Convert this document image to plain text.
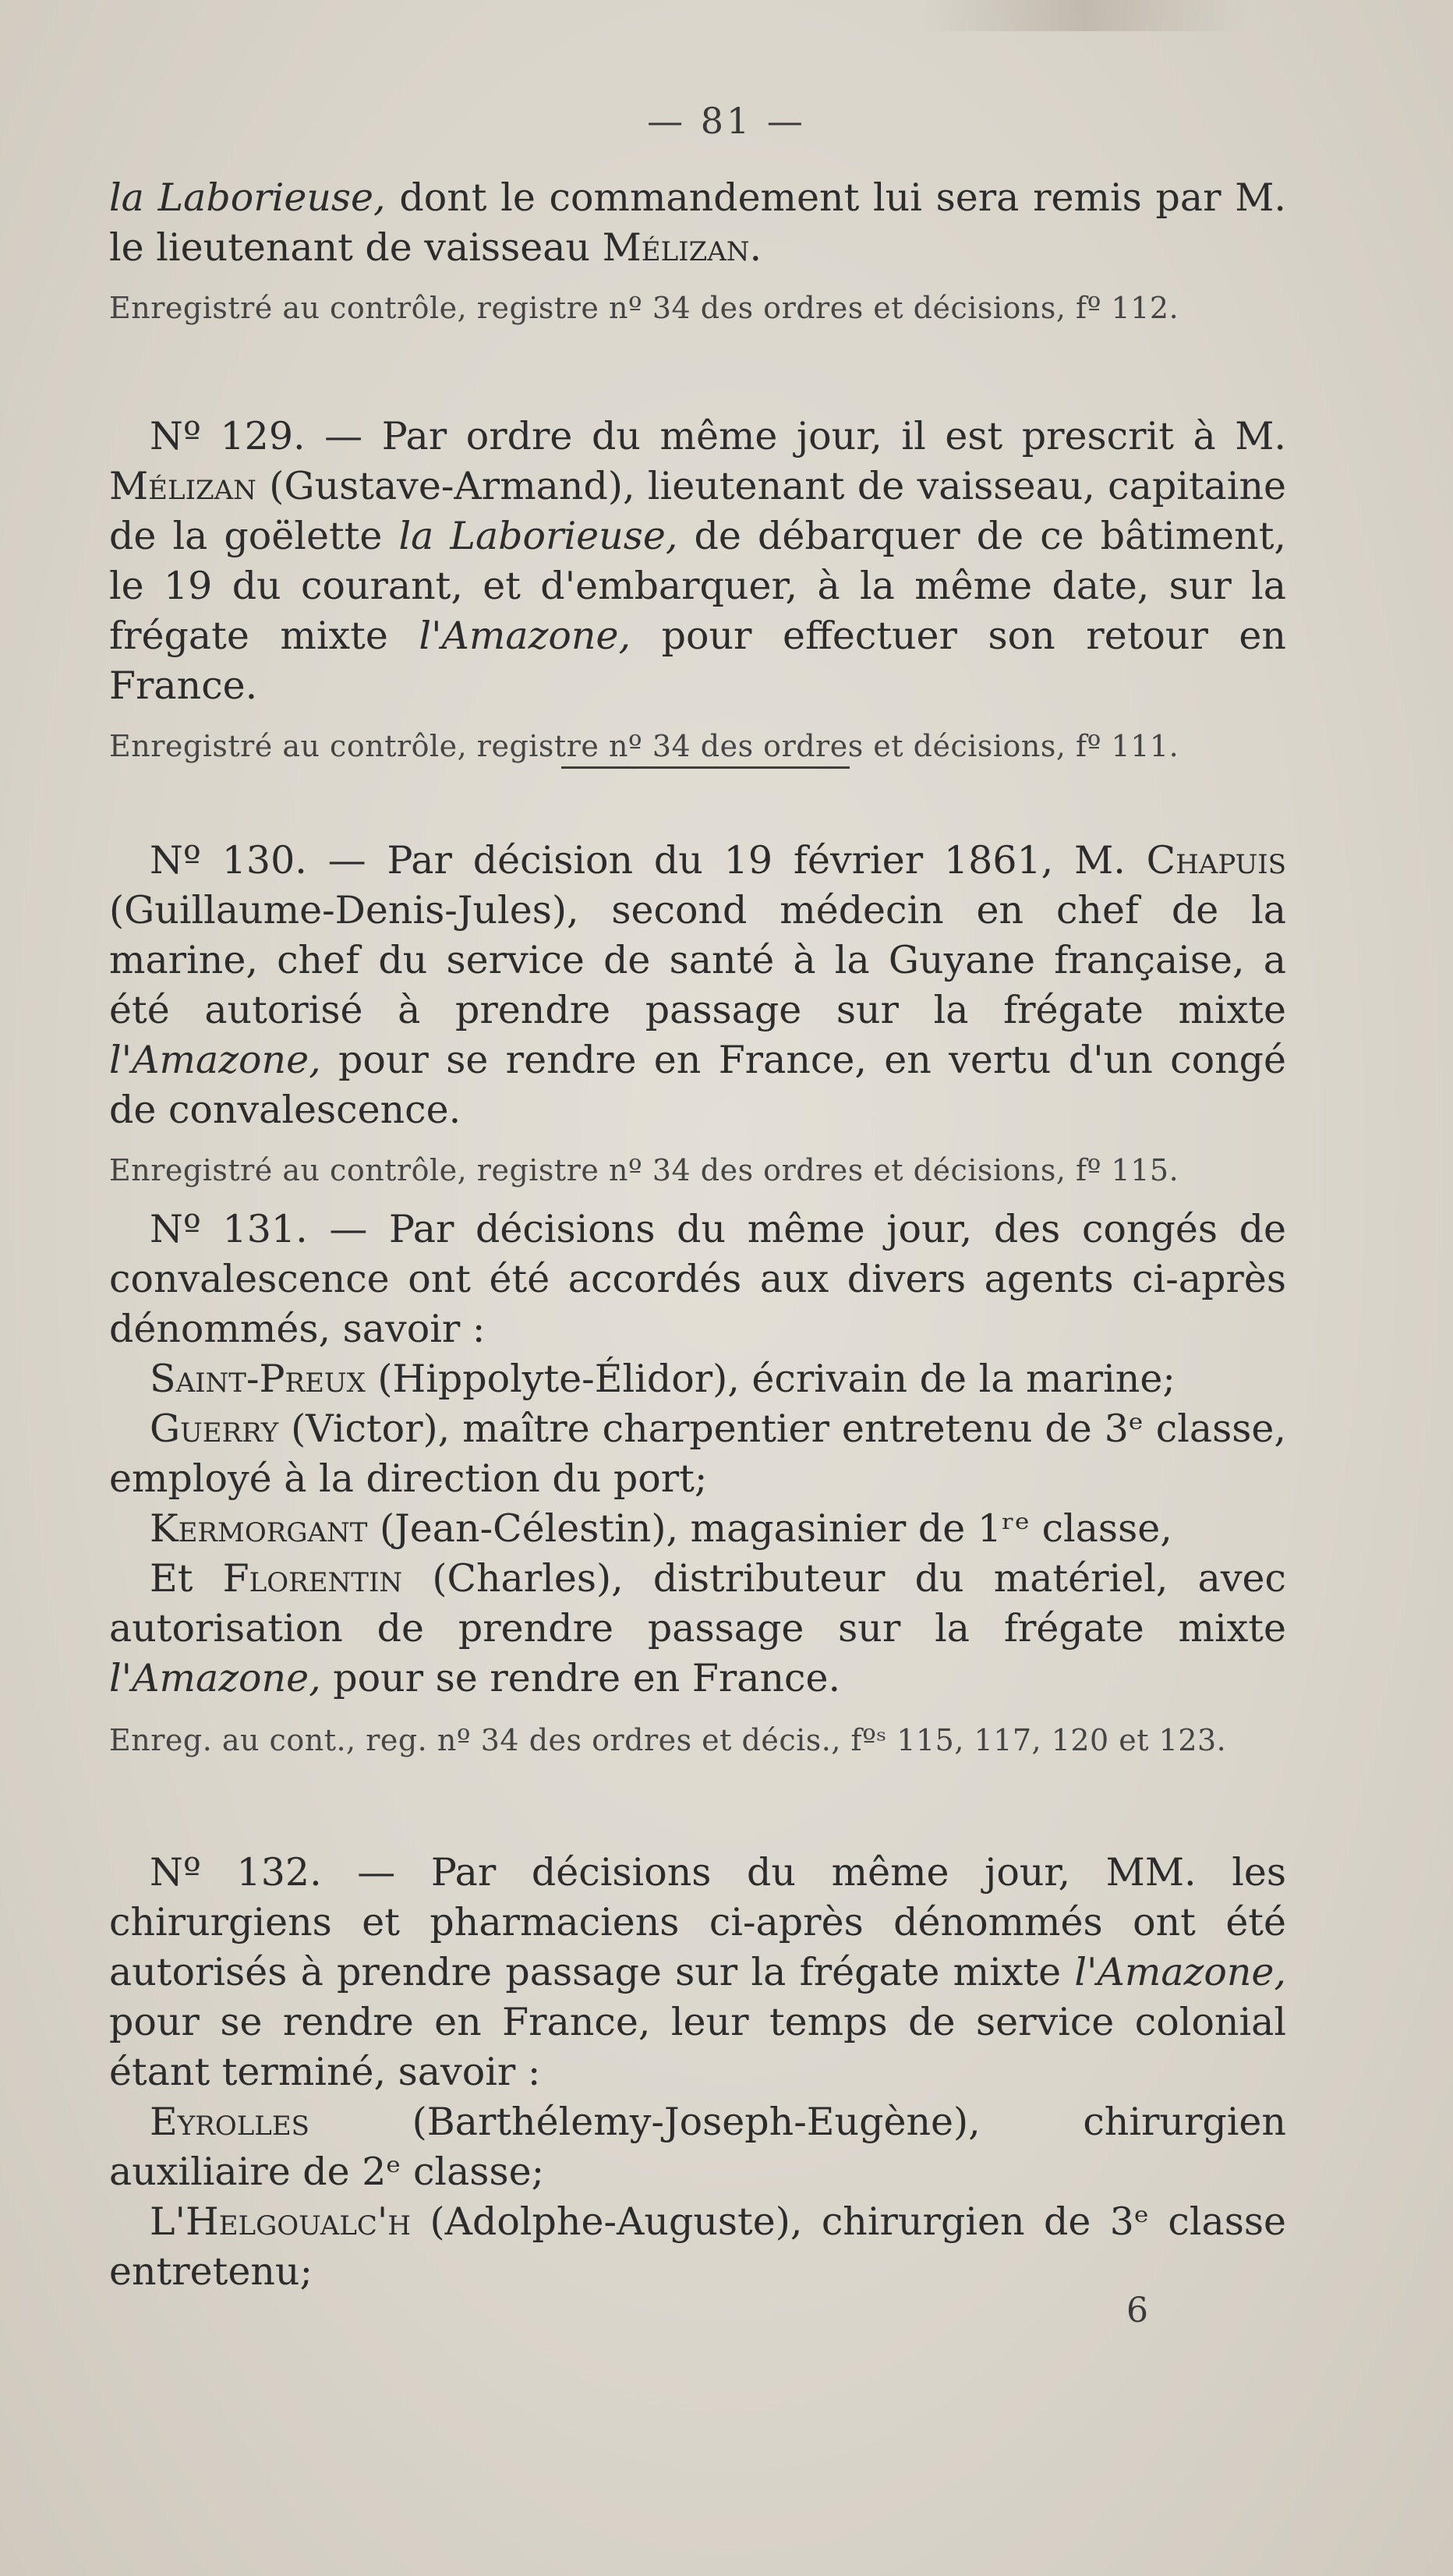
— 81 —

la Laborieuse, dont le commandement lui sera remis par M. le lieutenant de vaisseau Mélizan.

Enregistré au contrôle, registre nº 34 des ordres et décisions, fº 112.

Nº 129. — Par ordre du même jour, il est prescrit à M. Mélizan (Gustave-Armand), lieutenant de vaisseau, capitaine de la goëlette la Laborieuse, de débarquer de ce bâtiment, le 19 du courant, et d'embarquer, à la même date, sur la frégate mixte l'Amazone, pour effectuer son retour en France.

Enregistré au contrôle, registre nº 34 des ordres et décisions, fº 111.

Nº 130. — Par décision du 19 février 1861, M. Chapuis (Guillaume-Denis-Jules), second médecin en chef de la marine, chef du service de santé à la Guyane française, a été autorisé à prendre passage sur la frégate mixte l'Amazone, pour se rendre en France, en vertu d'un congé de convalescence.

Enregistré au contrôle, registre nº 34 des ordres et décisions, fº 115.

Nº 131. — Par décisions du même jour, des congés de convalescence ont été accordés aux divers agents ci-après dénommés, savoir :

Saint-Preux (Hippolyte-Élidor), écrivain de la marine;

Guerry (Victor), maître charpentier entretenu de 3ᵉ classe, employé à la direction du port;

Kermorgant (Jean-Célestin), magasinier de 1ʳᵉ classe,

Et Florentin (Charles), distributeur du matériel, avec autorisation de prendre passage sur la frégate mixte l'Amazone, pour se rendre en France.

Enreg. au cont., reg. nº 34 des ordres et décis., fºˢ 115, 117, 120 et 123.

Nº 132. — Par décisions du même jour, MM. les chirurgiens et pharmaciens ci-après dénommés ont été autorisés à prendre passage sur la frégate mixte l'Amazone, pour se rendre en France, leur temps de service colonial étant terminé, savoir :

Eyrolles (Barthélemy-Joseph-Eugène), chirurgien auxiliaire de 2ᵉ classe;

L'Helgoualc'h (Adolphe-Auguste), chirurgien de 3ᵉ classe entretenu;

6
